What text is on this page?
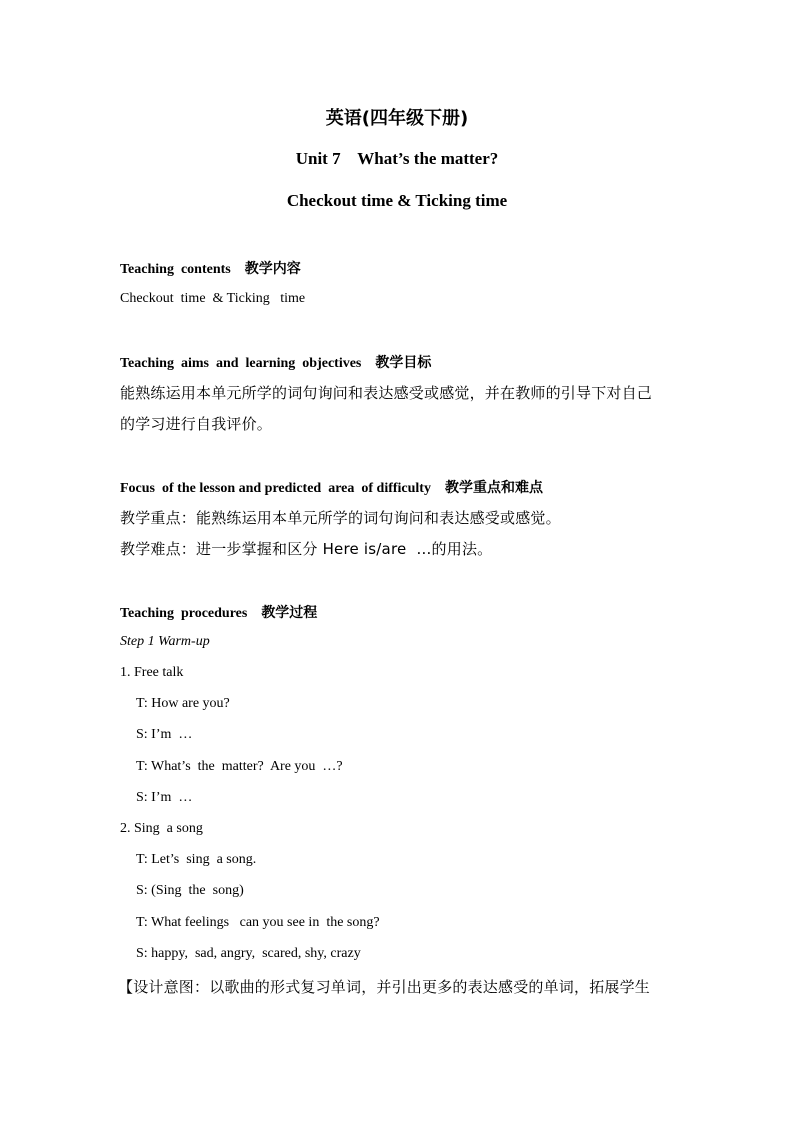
英语(四年级下册)
Unit 7    What’s the matter?
Checkout time & Ticking time
Teaching  contents 教学内容
Checkout  time  & Ticking   time
Teaching  aims  and  learning  objectives 教学目标
能熟练运用本单元所学的词句询问和表达感受或感觉，并在教师的引导下对自己
的学习进行自我评价。
Focus  of the lesson and predicted  area  of difficulty 教学重点和难点
教学重点：能熟练运用本单元所学的词句询问和表达感受或感觉。
教学难点：进一步掌握和区分 Here is/are  …的用法。
Teaching  procedures 教学过程
Step 1 Warm-up
1. Free talk
T: How are you?
S: I’m  …
T: What’s  the  matter?  Are you  …?
S: I’m  …
2. Sing  a song
T: Let’s  sing  a song.
S: (Sing  the  song)
T: What feelings   can you see in  the song?
S: happy,  sad, angry,  scared, shy, crazy
【设计意图：以歌曲的形式复习单词，并引出更多的表达感受的单词，拓展学生
